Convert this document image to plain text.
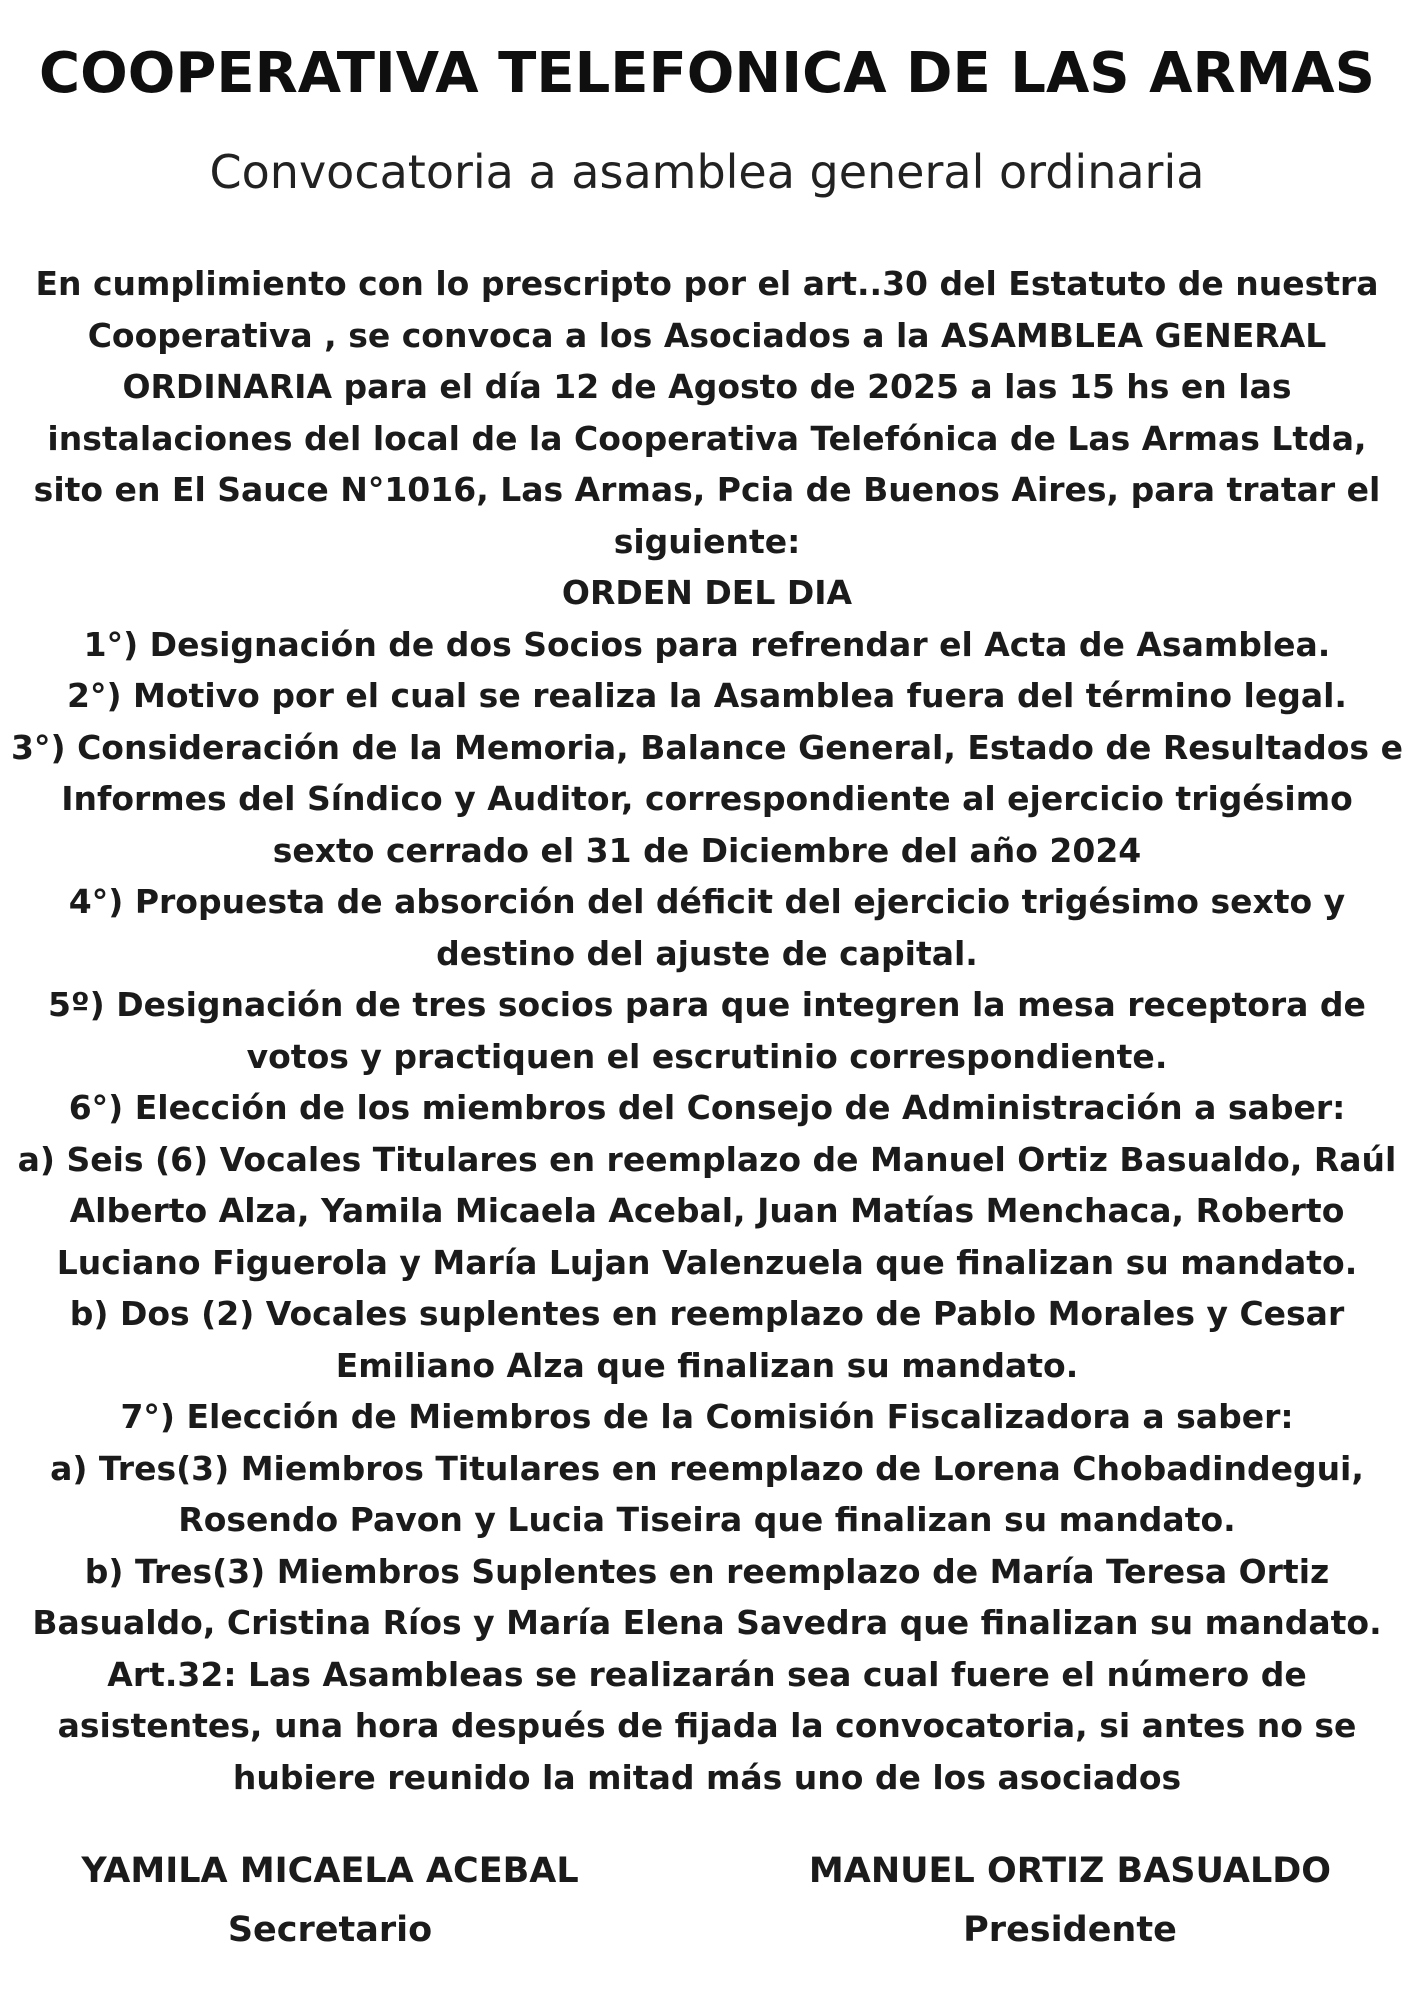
COOPERATIVA TELEFONICA DE LAS ARMAS
Convocatoria a asamblea general ordinaria
En cumplimiento con lo prescripto por el art..30 del Estatuto de nuestra
Cooperativa , se convoca a los Asociados a la ASAMBLEA GENERAL
ORDINARIA para el día 12 de Agosto de 2025 a las 15 hs en las
instalaciones del local de la Cooperativa Telefónica de Las Armas Ltda,
sito en El Sauce N°1016, Las Armas, Pcia de Buenos Aires, para tratar el
siguiente:
ORDEN DEL DIA
1°) Designación de dos Socios para refrendar el Acta de Asamblea.
2°) Motivo por el cual se realiza la Asamblea fuera del término legal.
3°) Consideración de la Memoria, Balance General, Estado de Resultados e
Informes del Síndico y Auditor, correspondiente al ejercicio trigésimo
sexto cerrado el 31 de Diciembre del año 2024
4°) Propuesta de absorción del déficit del ejercicio trigésimo sexto y
destino del ajuste de capital.
5º) Designación de tres socios para que integren la mesa receptora de
votos y practiquen el escrutinio correspondiente.
6°) Elección de los miembros del Consejo de Administración a saber:
a) Seis (6) Vocales Titulares en reemplazo de Manuel Ortiz Basualdo, Raúl
Alberto Alza, Yamila Micaela Acebal, Juan Matías Menchaca, Roberto
Luciano Figuerola y María Lujan Valenzuela que finalizan su mandato.
b) Dos (2) Vocales suplentes en reemplazo de Pablo Morales y Cesar
Emiliano Alza que finalizan su mandato.
7°) Elección de Miembros de la Comisión Fiscalizadora a saber:
a) Tres(3) Miembros Titulares en reemplazo de Lorena Chobadindegui,
Rosendo Pavon y Lucia Tiseira que finalizan su mandato.
b) Tres(3) Miembros Suplentes en reemplazo de María Teresa Ortiz
Basualdo, Cristina Ríos y María Elena Savedra que finalizan su mandato.
Art.32: Las Asambleas se realizarán sea cual fuere el número de
asistentes, una hora después de fijada la convocatoria, si antes no se
hubiere reunido la mitad más uno de los asociados
YAMILA MICAELA ACEBAL
Secretario
MANUEL ORTIZ BASUALDO
Presidente
